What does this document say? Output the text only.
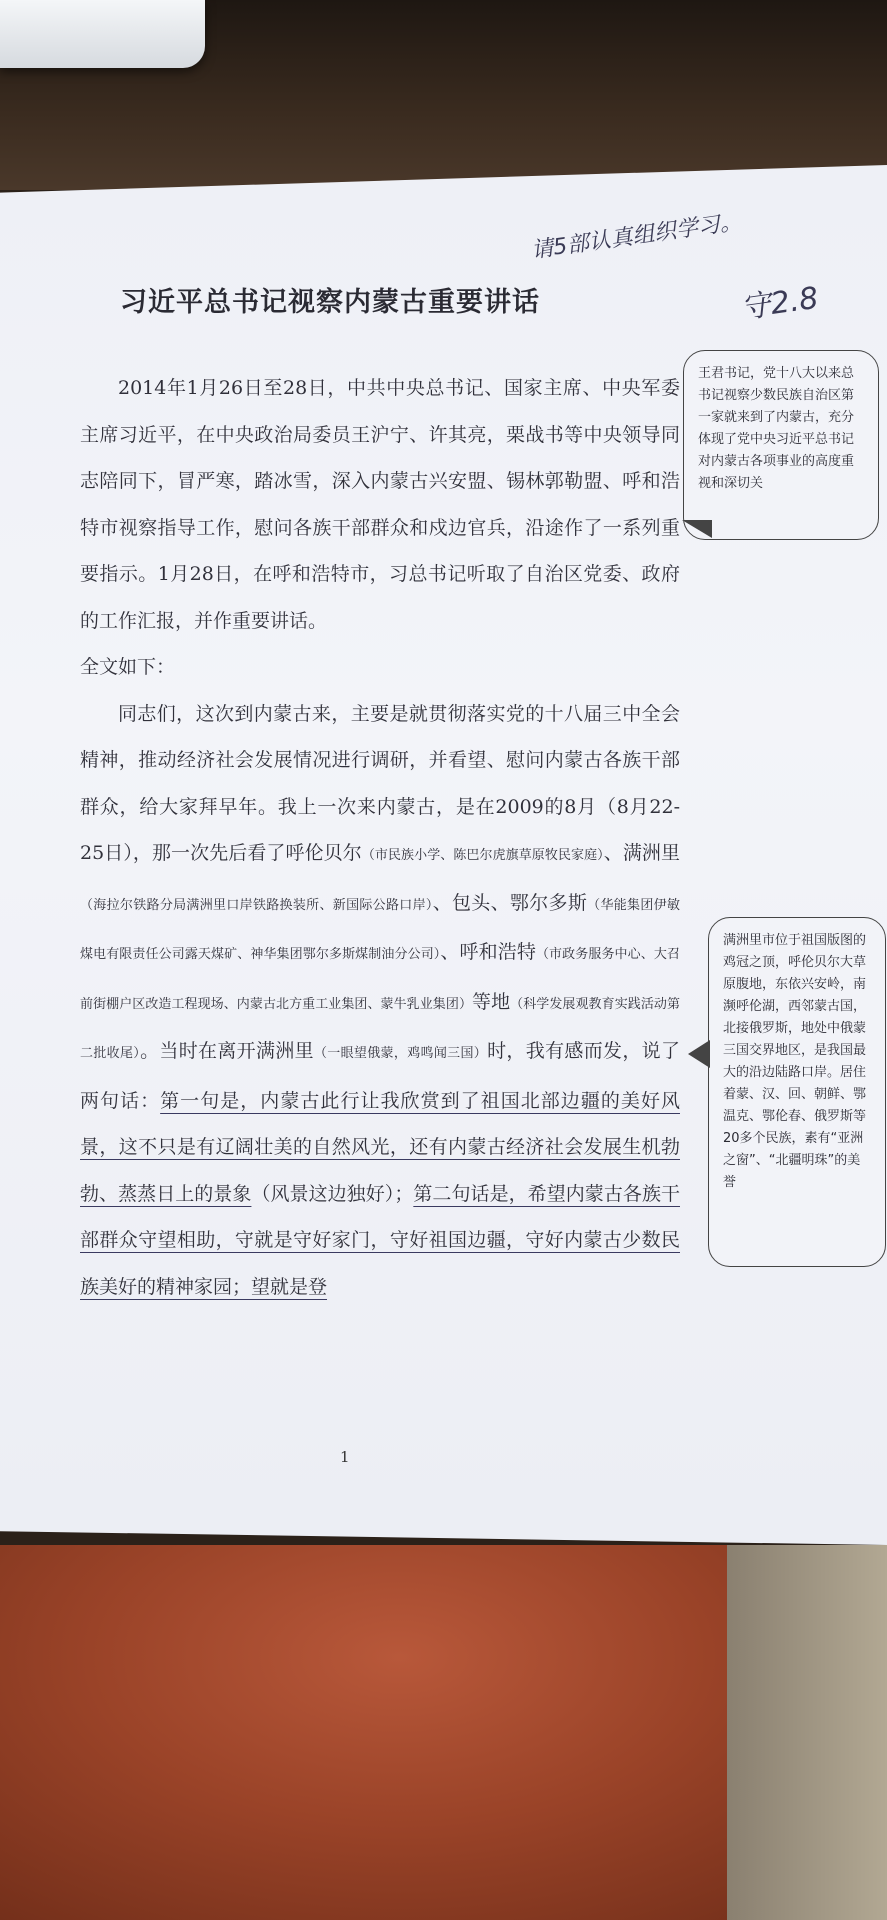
请5部认真组织学习。
守2.8
习近平总书记视察内蒙古重要讲话

2014年1月26日至28日，中共中央总书记、国家主席、中央军委主席习近平，在中央政治局委员王沪宁、许其亮，栗战书等中央领导同志陪同下，冒严寒，踏冰雪，深入内蒙古兴安盟、锡林郭勒盟、呼和浩特市视察指导工作，慰问各族干部群众和戍边官兵，沿途作了一系列重要指示。1月28日，在呼和浩特市，习总书记听取了自治区党委、政府的工作汇报，并作重要讲话。

全文如下：

同志们，这次到内蒙古来，主要是就贯彻落实党的十八届三中全会精神，推动经济社会发展情况进行调研，并看望、慰问内蒙古各族干部群众，给大家拜早年。我上一次来内蒙古，是在2009的8月（8月22-25日），那一次先后看了呼伦贝尔（市民族小学、陈巴尔虎旗草原牧民家庭）、满洲里（海拉尔铁路分局满洲里口岸铁路换装所、新国际公路口岸）、包头、鄂尔多斯（华能集团伊敏煤电有限责任公司露天煤矿、神华集团鄂尔多斯煤制油分公司）、呼和浩特（市政务服务中心、大召前街棚户区改造工程现场、内蒙古北方重工业集团、蒙牛乳业集团）等地（科学发展观教育实践活动第二批收尾）。当时在离开满洲里（一眼望俄蒙，鸡鸣闻三国）时，我有感而发，说了两句话：第一句是，内蒙古此行让我欣赏到了祖国北部边疆的美好风景，这不只是有辽阔壮美的自然风光，还有内蒙古经济社会发展生机勃勃、蒸蒸日上的景象（风景这边独好）；第二句话是，希望内蒙古各族干部群众守望相助，守就是守好家门，守好祖国边疆，守好内蒙古少数民族美好的精神家园；望就是登

王君书记，党十八大以来总书记视察少数民族自治区第一家就来到了内蒙古，充分体现了党中央习近平总书记对内蒙古各项事业的高度重视和深切关
满洲里市位于祖国版图的鸡冠之顶，呼伦贝尔大草原腹地，东依兴安岭，南濒呼伦湖，西邻蒙古国，北接俄罗斯，地处中俄蒙三国交界地区，是我国最大的沿边陆路口岸。居住着蒙、汉、回、朝鲜、鄂温克、鄂伦春、俄罗斯等20多个民族，素有“亚洲之窗”、“北疆明珠”的美誉
1
